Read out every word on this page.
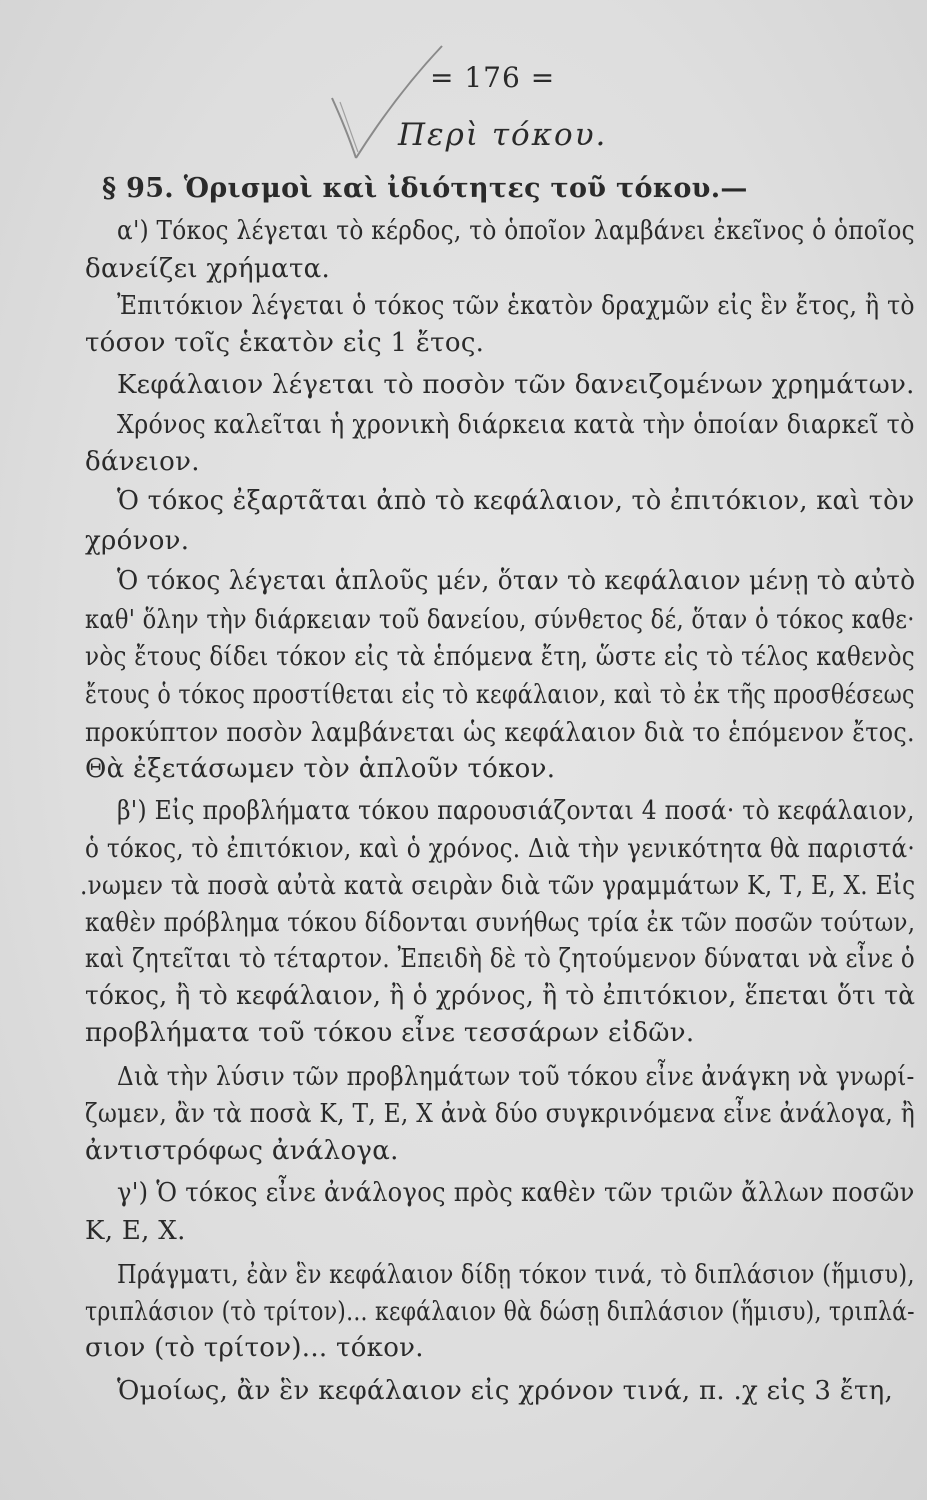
= 176 =
Περὶ τόκου.
§ 95. Ὁρισμοὶ καὶ ἰδιότητες τοῦ τόκου.—
α') Τόκος λέγεται τὸ κέρδος, τὸ ὁποῖον λαμβάνει ἐκεῖνος ὁ ὁποῖος
δανείζει χρήματα.
Ἐπιτόκιον λέγεται ὁ τόκος τῶν ἑκατὸν δραχμῶν εἰς ἓν ἔτος, ἢ τὸ
τόσον τοῖς ἑκατὸν εἰς 1 ἔτος.
Κεφάλαιον λέγεται τὸ ποσὸν τῶν δανειζομένων χρημάτων.
Χρόνος καλεῖται ἡ χρονικὴ διάρκεια κατὰ τὴν ὁποίαν διαρκεῖ τὸ
δάνειον.
Ὁ τόκος ἐξαρτᾶται ἀπὸ τὸ κεφάλαιον, τὸ ἐπιτόκιον, καὶ τὸν
χρόνον.
Ὁ τόκος λέγεται ἁπλοῦς μέν, ὅταν τὸ κεφάλαιον μένῃ τὸ αὐτὸ
καθ' ὅλην τὴν διάρκειαν τοῦ δανείου, σύνθετος δέ, ὅταν ὁ τόκος καθε·
νὸς ἔτους δίδει τόκον εἰς τὰ ἑπόμενα ἔτη, ὥστε εἰς τὸ τέλος καθενὸς
ἔτους ὁ τόκος προστίθεται εἰς τὸ κεφάλαιον, καὶ τὸ ἐκ τῆς προσθέσεως
προκύπτον ποσὸν λαμβάνεται ὡς κεφάλαιον διὰ το ἑπόμενον ἔτος.
Θὰ ἐξετάσωμεν τὸν ἁπλοῦν τόκον.
β') Εἰς προβλήματα τόκου παρουσιάζονται 4 ποσά· τὸ κεφάλαιον,
ὁ τόκος, τὸ ἐπιτόκιον, καὶ ὁ χρόνος. Διὰ τὴν γενικότητα θὰ παριστά·
.νωμεν τὰ ποσὰ αὐτὰ κατὰ σειρὰν διὰ τῶν γραμμάτων Κ, Τ, Ε, Χ. Εἰς
καθὲν πρόβλημα τόκου δίδονται συνήθως τρία ἐκ τῶν ποσῶν τούτων,
καὶ ζητεῖται τὸ τέταρτον. Ἐπειδὴ δὲ τὸ ζητούμενον δύναται νὰ εἶνε ὁ
τόκος, ἢ τὸ κεφάλαιον, ἢ ὁ χρόνος, ἢ τὸ ἐπιτόκιον, ἕπεται ὅτι τὰ
προβλήματα τοῦ τόκου εἶνε τεσσάρων εἰδῶν.
Διὰ τὴν λύσιν τῶν προβλημάτων τοῦ τόκου εἶνε ἀνάγκη νὰ γνωρί-
ζωμεν, ἂν τὰ ποσὰ Κ, Τ, Ε, Χ ἀνὰ δύο συγκρινόμενα εἶνε ἀνάλογα, ἢ
ἀντιστρόφως ἀνάλογα.
γ') Ὁ τόκος εἶνε ἀνάλογος πρὸς καθὲν τῶν τριῶν ἄλλων ποσῶν
Κ, Ε, Χ.
Πράγματι, ἐὰν ἓν κεφάλαιον δίδῃ τόκον τινά, τὸ διπλάσιον (ἥμισυ),
τριπλάσιον (τὸ τρίτον)... κεφάλαιον θὰ δώσῃ διπλάσιον (ἥμισυ), τριπλά-
σιον (τὸ τρίτον)... τόκον.
Ὁμοίως, ἂν ἓν κεφάλαιον εἰς χρόνον τινά, π. .χ εἰς 3 ἔτη,
